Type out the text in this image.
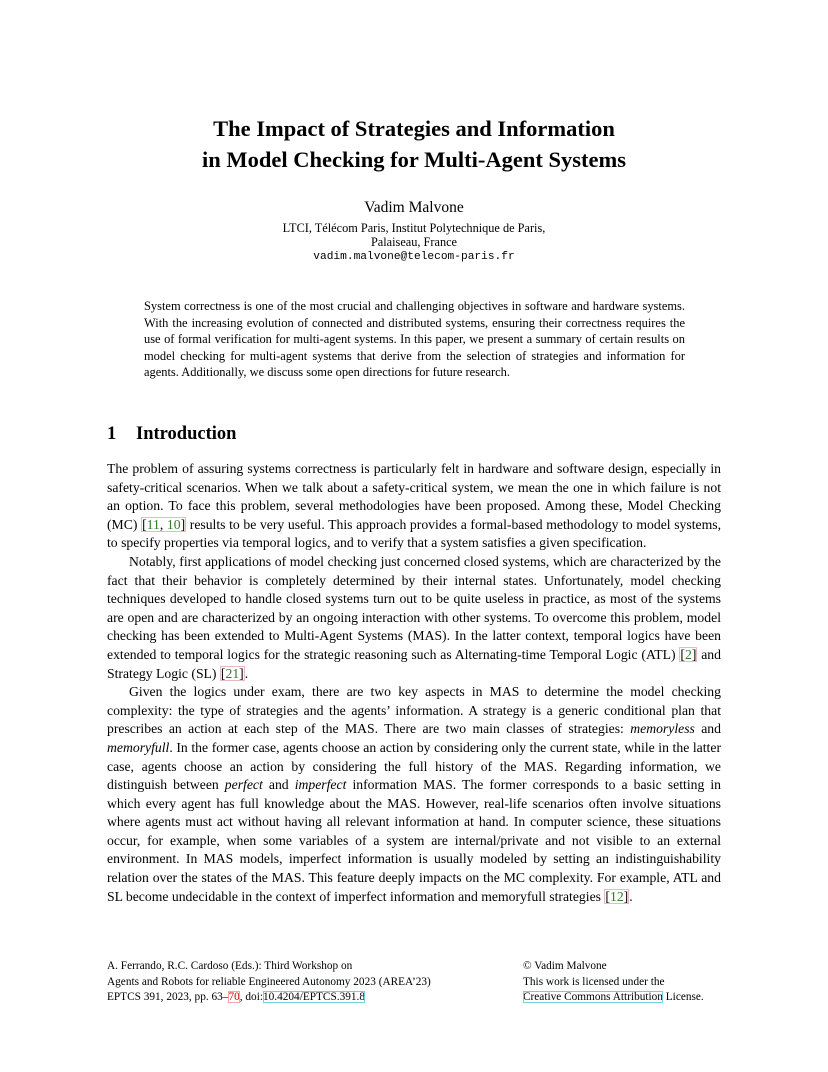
The Impact of Strategies and Information
in Model Checking for Multi-Agent Systems
Vadim Malvone
LTCI, Télécom Paris, Institut Polytechnique de Paris,
Palaiseau, France
vadim.malvone@telecom-paris.fr
System correctness is one of the most crucial and challenging objectives in software and hardware systems. With the increasing evolution of connected and distributed systems, ensuring their correctness requires the use of formal verification for multi-agent systems. In this paper, we present a summary of certain results on model checking for multi-agent systems that derive from the selection of strategies and information for agents. Additionally, we discuss some open directions for future research.
1 Introduction

The problem of assuring systems correctness is particularly felt in hardware and software design, especially in safety-critical scenarios. When we talk about a safety-critical system, we mean the one in which failure is not an option. To face this problem, several methodologies have been proposed. Among these, Model Checking (MC) [11, 10] results to be very useful. This approach provides a formal-based methodology to model systems, to specify properties via temporal logics, and to verify that a system satisfies a given specification.

Notably, first applications of model checking just concerned closed systems, which are characterized by the fact that their behavior is completely determined by their internal states. Unfortunately, model checking techniques developed to handle closed systems turn out to be quite useless in practice, as most of the systems are open and are characterized by an ongoing interaction with other systems. To overcome this problem, model checking has been extended to Multi-Agent Systems (MAS). In the latter context, temporal logics have been extended to temporal logics for the strategic reasoning such as Alternating-time Temporal Logic (ATL) [2] and Strategy Logic (SL) [21].

Given the logics under exam, there are two key aspects in MAS to determine the model checking complexity: the type of strategies and the agents’ information. A strategy is a generic conditional plan that prescribes an action at each step of the MAS. There are two main classes of strategies: memoryless and memoryfull. In the former case, agents choose an action by considering only the current state, while in the latter case, agents choose an action by considering the full history of the MAS. Regarding information, we distinguish between perfect and imperfect information MAS. The former corresponds to a basic setting in which every agent has full knowledge about the MAS. However, real-life scenarios often involve situations where agents must act without having all relevant information at hand. In computer science, these situations occur, for example, when some variables of a system are internal/private and not visible to an external environment. In MAS models, imperfect information is usually modeled by setting an indistinguishability relation over the states of the MAS. This feature deeply impacts on the MC complexity. For example, ATL and SL become undecidable in the context of imperfect information and memoryfull strategies [12].

A. Ferrando, R.C. Cardoso (Eds.): Third Workshop on
Agents and Robots for reliable Engineered Autonomy 2023 (AREA’23)
EPTCS 391, 2023, pp. 63–70, doi:10.4204/EPTCS.391.8
© Vadim Malvone
This work is licensed under the
Creative Commons Attribution License.
